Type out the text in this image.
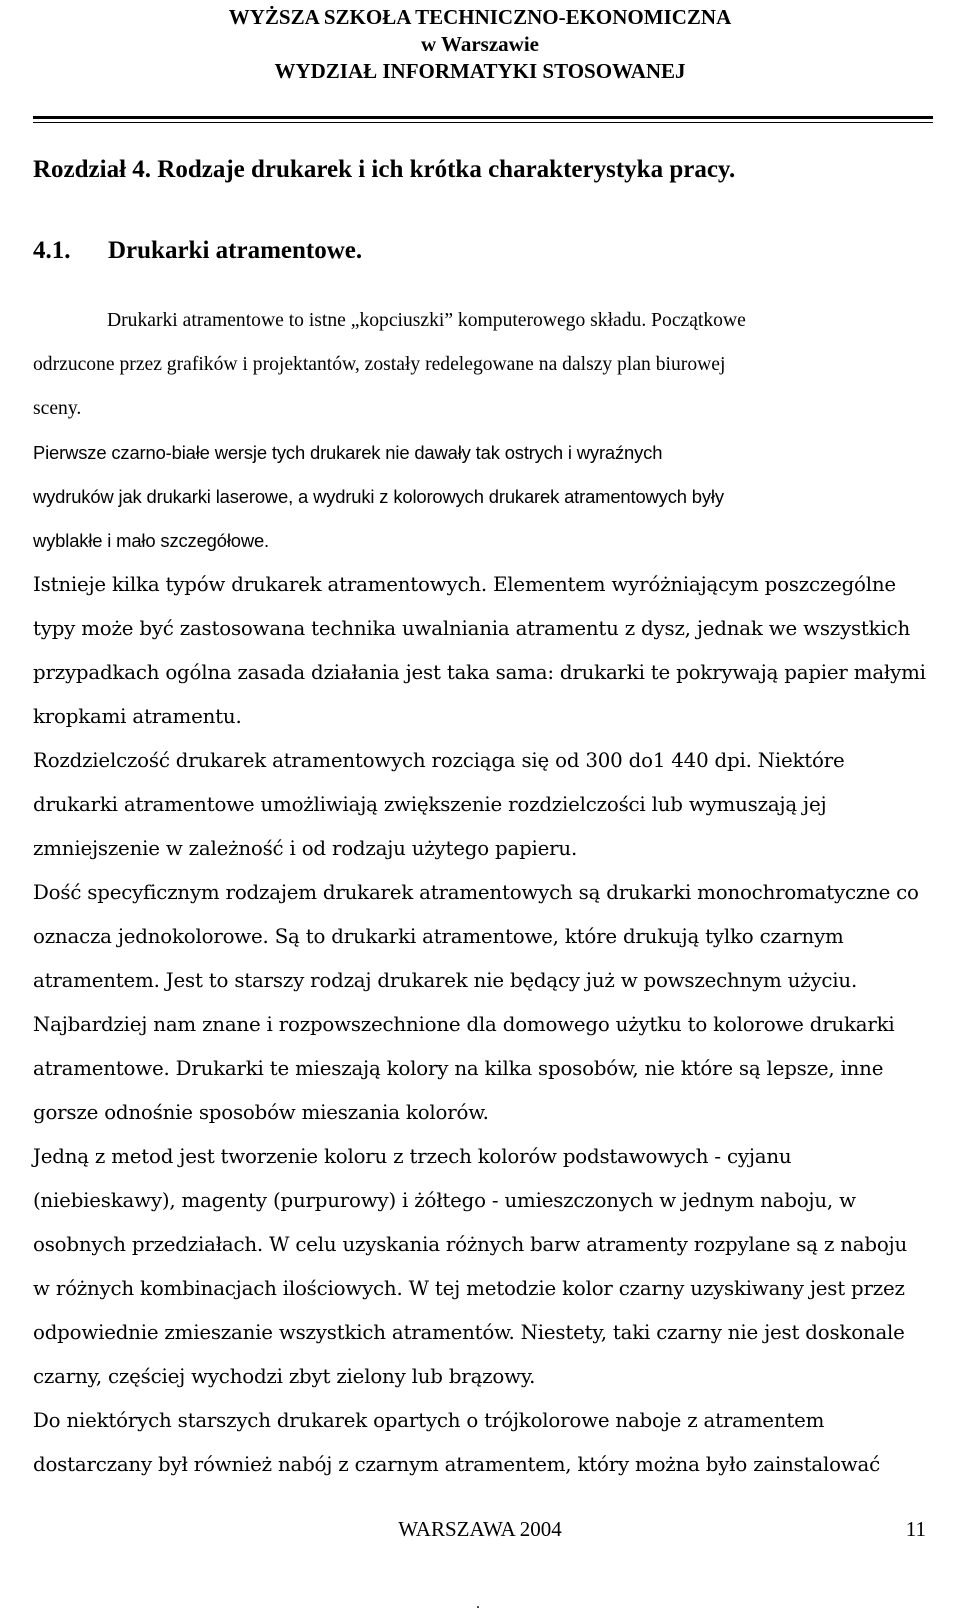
WYŻSZA SZKOŁA TECHNICZNO-EKONOMICZNA
w Warszawie
WYDZIAŁ INFORMATYKI STOSOWANEJ
Rozdział 4. Rodzaje drukarek i ich krótka charakterystyka pracy.
4.1. Drukarki atramentowe.
Drukarki atramentowe to istne „kopciuszki” komputerowego składu. Początkowe
odrzucone przez grafików i projektantów, zostały redelegowane na dalszy plan biurowej
sceny.
Pierwsze czarno-białe wersje tych drukarek nie dawały tak ostrych i wyraźnych
wydruków jak drukarki laserowe, a wydruki z kolorowych drukarek atramentowych były
wyblakłe i mało szczegółowe.
Istnieje kilka typów drukarek atramentowych. Elementem wyróżniającym poszczególne
typy może być zastosowana technika uwalniania atramentu z dysz, jednak we wszystkich
przypadkach ogólna zasada działania jest taka sama: drukarki te pokrywają papier małymi
kropkami atramentu.
Rozdzielczość drukarek atramentowych rozciąga się od 300 do1 440 dpi. Niektóre
drukarki atramentowe umożliwiają zwiększenie rozdzielczości lub wymuszają jej
zmniejszenie w zależność i od rodzaju użytego papieru.
Dość specyficznym rodzajem drukarek atramentowych są drukarki monochromatyczne co
oznacza jednokolorowe. Są to drukarki atramentowe, które drukują tylko czarnym
atramentem. Jest to starszy rodzaj drukarek nie będący już w powszechnym użyciu.
Najbardziej nam znane i rozpowszechnione dla domowego użytku to kolorowe drukarki
atramentowe. Drukarki te mieszają kolory na kilka sposobów, nie które są lepsze, inne
gorsze odnośnie sposobów mieszania kolorów.
Jedną z metod jest tworzenie koloru z trzech kolorów podstawowych - cyjanu
(niebieskawy), magenty (purpurowy) i żółtego - umieszczonych w jednym naboju, w
osobnych przedziałach. W celu uzyskania różnych barw atramenty rozpylane są z naboju
w różnych kombinacjach ilościowych. W tej metodzie kolor czarny uzyskiwany jest przez
odpowiednie zmieszanie wszystkich atramentów. Niestety, taki czarny nie jest doskonale
czarny, częściej wychodzi zbyt zielony lub brązowy.
Do niektórych starszych drukarek opartych o trójkolorowe naboje z atramentem
dostarczany był również nabój z czarnym atramentem, który można było zainstalować
WARSZAWA 2004	11
.
